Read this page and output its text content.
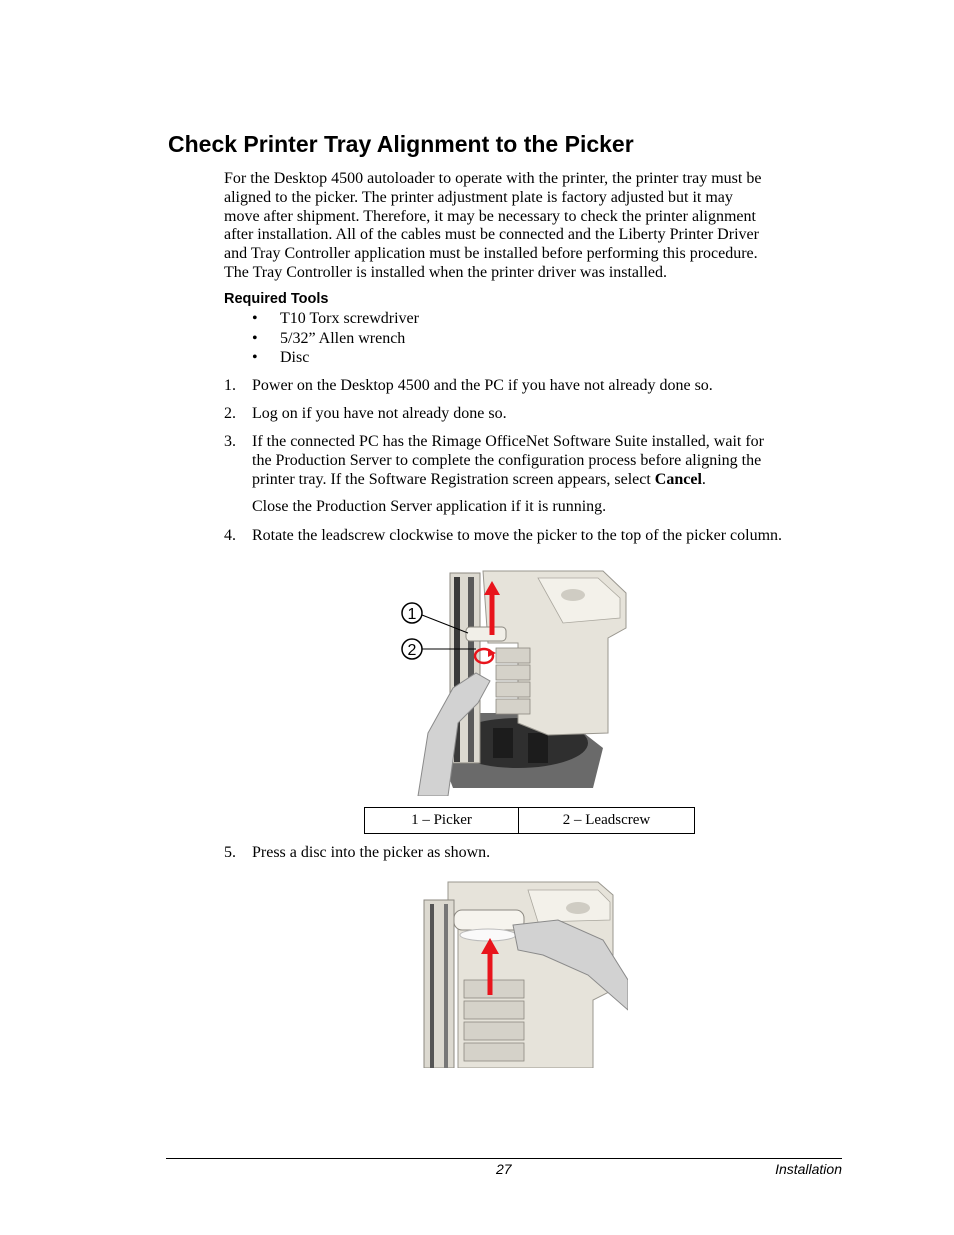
Check Printer Tray Alignment to the Picker
For the Desktop 4500 autoloader to operate with the printer, the printer tray must be
aligned to the picker. The printer adjustment plate is factory adjusted but it may
move after shipment. Therefore, it may be necessary to check the printer alignment
after installation. All of the cables must be connected and the Liberty Printer Driver
and Tray Controller application must be installed before performing this procedure.
The Tray Controller is installed when the printer driver was installed.
Required Tools
• T10 Torx screwdriver
• 5/32” Allen wrench
• Disc
1. Power on the Desktop 4500 and the PC if you have not already done so.
2. Log on if you have not already done so.
3. If the connected PC has the Rimage OfficeNet Software Suite installed, wait for
the Production Server to complete the configuration process before aligning the
printer tray. If the Software Registration screen appears, select Cancel.
Close the Production Server application if it is running.
4. Rotate the leadscrew clockwise to move the picker to the top of the picker column.
1
2
1 – Picker	2 – Leadscrew
5. Press a disc into the picker as shown.
27	Installation
